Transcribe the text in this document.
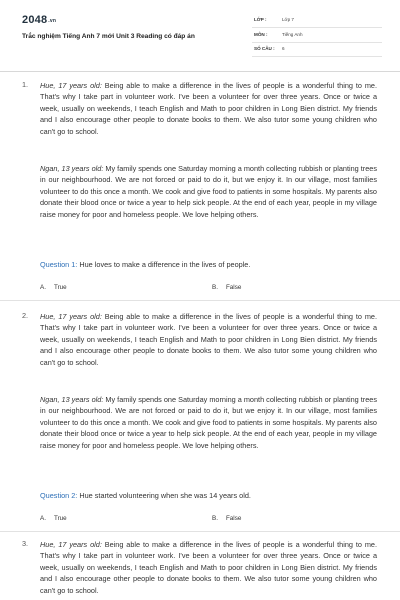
2048.vn
Trắc nghiệm Tiếng Anh 7 mới Unit 3 Reading có đáp án
LỚP :	Lớp 7
MÔN :	Tiếng Anh
SỐ CÂU : 6
1. Hue, 17 years old: Being able to make a difference in the lives of people is a wonderful thing to me. That's why I take part in volunteer work. I've been a volunteer for over three years. Once or twice a week, usually on weekends, I teach English and Math to poor children in Long Bien district. My friends and I also encourage other people to donate books to them. We also tutor some young children who can't go to school.

Ngan, 13 years old: My family spends one Saturday morning a month collecting rubbish or planting trees in our neighbourhood. We are not forced or paid to do it, but we enjoy it. In our village, most families volunteer to do this once a month. We cook and give food to patients in some hospitals. My parents also donate their blood once or twice a year to help sick people. At the end of each year, people in my village raise money for poor and homeless people. We love helping others.

Question 1: Hue loves to make a difference in the lives of people.
A. True	B. False
2. Hue, 17 years old: Being able to make a difference in the lives of people is a wonderful thing to me. That's why I take part in volunteer work. I've been a volunteer for over three years. Once or twice a week, usually on weekends, I teach English and Math to poor children in Long Bien district. My friends and I also encourage other people to donate books to them. We also tutor some young children who can't go to school.

Ngan, 13 years old: My family spends one Saturday morning a month collecting rubbish or planting trees in our neighbourhood. We are not forced or paid to do it, but we enjoy it. In our village, most families volunteer to do this once a month. We cook and give food to patients in some hospitals. My parents also donate their blood once or twice a year to help sick people. At the end of each year, people in my village raise money for poor and homeless people. We love helping others.

Question 2: Hue started volunteering when she was 14 years old.
A. True	B. False
3. Hue, 17 years old: Being able to make a difference in the lives of people is a wonderful thing to me. That's why I take part in volunteer work. I've been a volunteer for over three years. Once or twice a week, usually on weekends, I teach English and Math to poor children in Long Bien district. My friends and I also encourage other people to donate books to them. We also tutor some young children who can't go to school.
